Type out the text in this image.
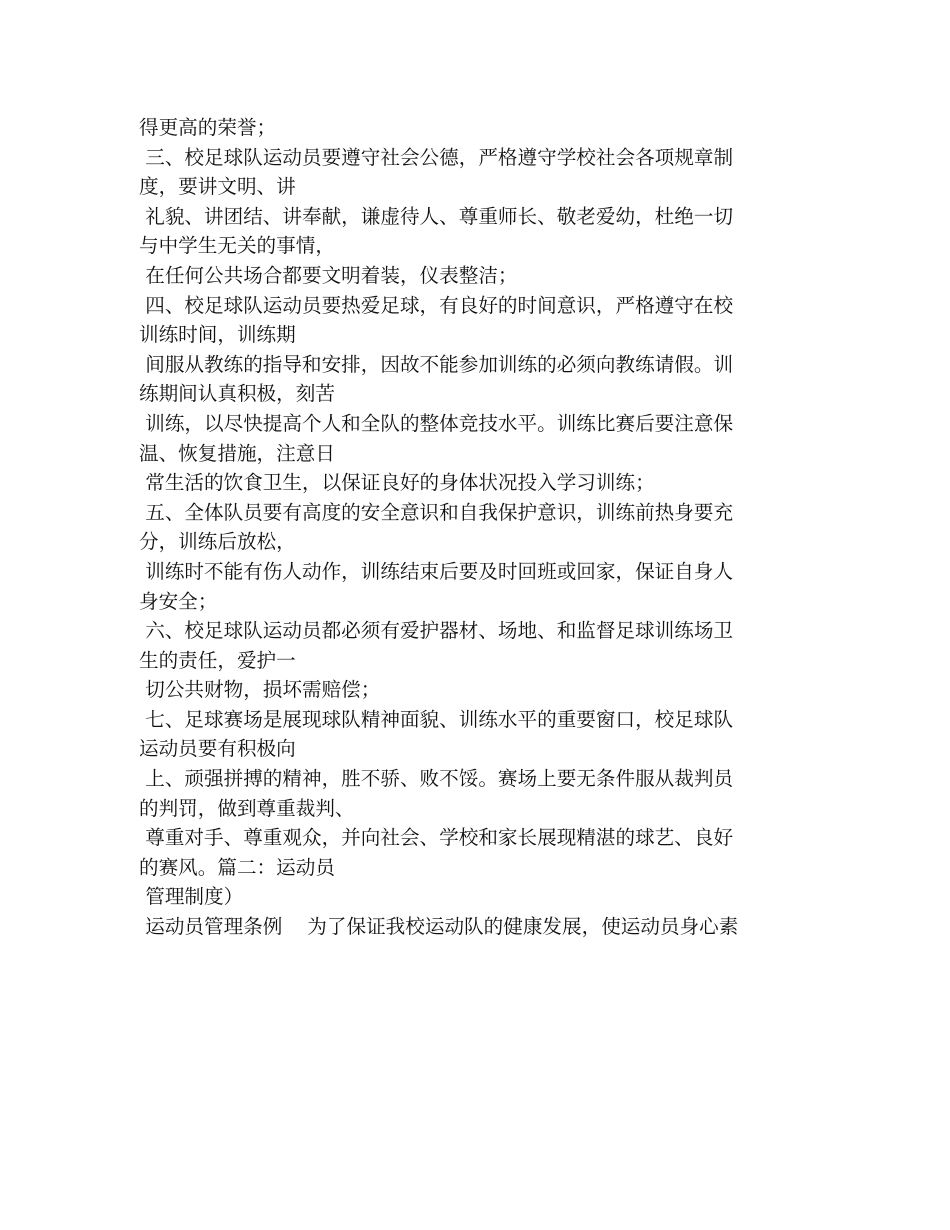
得更高的荣誉；
三、校足球队运动员要遵守社会公德，严格遵守学校社会各项规章制
度，要讲文明、讲
礼貌、讲团结、讲奉献，谦虚待人、尊重师长、敬老爱幼，杜绝一切
与中学生无关的事情，
在任何公共场合都要文明着装，仪表整洁；
四、校足球队运动员要热爱足球，有良好的时间意识，严格遵守在校
训练时间，训练期
间服从教练的指导和安排，因故不能参加训练的必须向教练请假。训
练期间认真积极，刻苦
训练，以尽快提高个人和全队的整体竞技水平。训练比赛后要注意保
温、恢复措施，注意日
常生活的饮食卫生，以保证良好的身体状况投入学习训练；
五、全体队员要有高度的安全意识和自我保护意识，训练前热身要充
分，训练后放松，
训练时不能有伤人动作，训练结束后要及时回班或回家，保证自身人
身安全；
六、校足球队运动员都必须有爱护器材、场地、和监督足球训练场卫
生的责任，爱护一
切公共财物，损坏需赔偿；
七、足球赛场是展现球队精神面貌、训练水平的重要窗口，校足球队
运动员要有积极向
上、顽强拼搏的精神，胜不骄、败不馁。赛场上要无条件服从裁判员
的判罚，做到尊重裁判、
尊重对手、尊重观众，并向社会、学校和家长展现精湛的球艺、良好
的赛风。篇二：运动员
管理制度）
运动员管理条例    为了保证我校运动队的健康发展，使运动员身心素
